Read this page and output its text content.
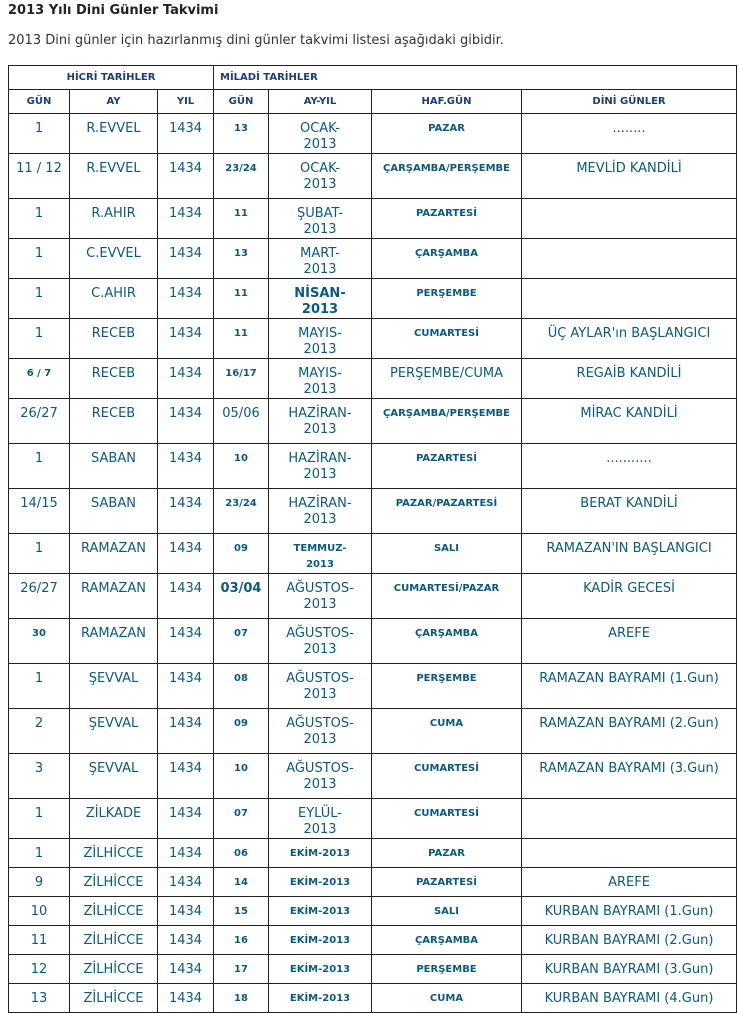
2013 Yılı Dini Günler Takvimi
2013 Dini günler için hazırlanmış dini günler takvimi listesi aşağıdaki gibidir.
HİCRİ TARİHLER			MİLADİ TARİHLER			
GÜN	AY	YIL	GÜN	AY-YIL	HAF.GÜN	DİNİ GÜNLER
1	R.EVVEL	1434	13	OCAK-2013	PAZAR	........
11 / 12	R.EVVEL	1434	23/24	OCAK-2013	ÇARŞAMBA/PERŞEMBE	MEVLİD KANDİLİ
1	R.AHIR	1434	11	ŞUBAT-2013	PAZARTESİ	
1	C.EVVEL	1434	13	MART-2013	ÇARŞAMBA	
1	C.AHIR	1434	11	NİSAN-2013	PERŞEMBE	
1	RECEB	1434	11	MAYIS-2013	CUMARTESİ	ÜÇ AYLAR'ın BAŞLANGICI
6 / 7	RECEB	1434	16/17	MAYIS-2013	PERŞEMBE/CUMA	REGAİB KANDİLİ
26/27	RECEB	1434	05/06	HAZİRAN-2013	ÇARŞAMBA/PERŞEMBE	MİRAC KANDİLİ
1	SABAN	1434	10	HAZİRAN-2013	PAZARTESİ	...........
14/15	SABAN	1434	23/24	HAZİRAN-2013	PAZAR/PAZARTESİ	BERAT KANDİLİ
1	RAMAZAN	1434	09	TEMMUZ-2013	SALI	RAMAZAN'IN BAŞLANGICI
26/27	RAMAZAN	1434	03/04	AĞUSTOS-2013	CUMARTESİ/PAZAR	KADİR GECESİ
30	RAMAZAN	1434	07	AĞUSTOS-2013	ÇARŞAMBA	AREFE
1	ŞEVVAL	1434	08	AĞUSTOS-2013	PERŞEMBE	RAMAZAN BAYRAMI (1.Gun)
2	ŞEVVAL	1434	09	AĞUSTOS-2013	CUMA	RAMAZAN BAYRAMI (2.Gun)
3	ŞEVVAL	1434	10	AĞUSTOS-2013	CUMARTESİ	RAMAZAN BAYRAMI (3.Gun)
1	ZİLKADE	1434	07	EYLÜL-2013	CUMARTESİ	
1	ZİLHİCCE	1434	06	EKİM-2013	PAZAR	
9	ZİLHİCCE	1434	14	EKİM-2013	PAZARTESİ	AREFE
10	ZİLHİCCE	1434	15	EKİM-2013	SALI	KURBAN BAYRAMI (1.Gun)
11	ZİLHİCCE	1434	16	EKİM-2013	ÇARŞAMBA	KURBAN BAYRAMI (2.Gun)
12	ZİLHİCCE	1434	17	EKİM-2013	PERŞEMBE	KURBAN BAYRAMI (3.Gun)
13	ZİLHİCCE	1434	18	EKİM-2013	CUMA	KURBAN BAYRAMI (4.Gun)
